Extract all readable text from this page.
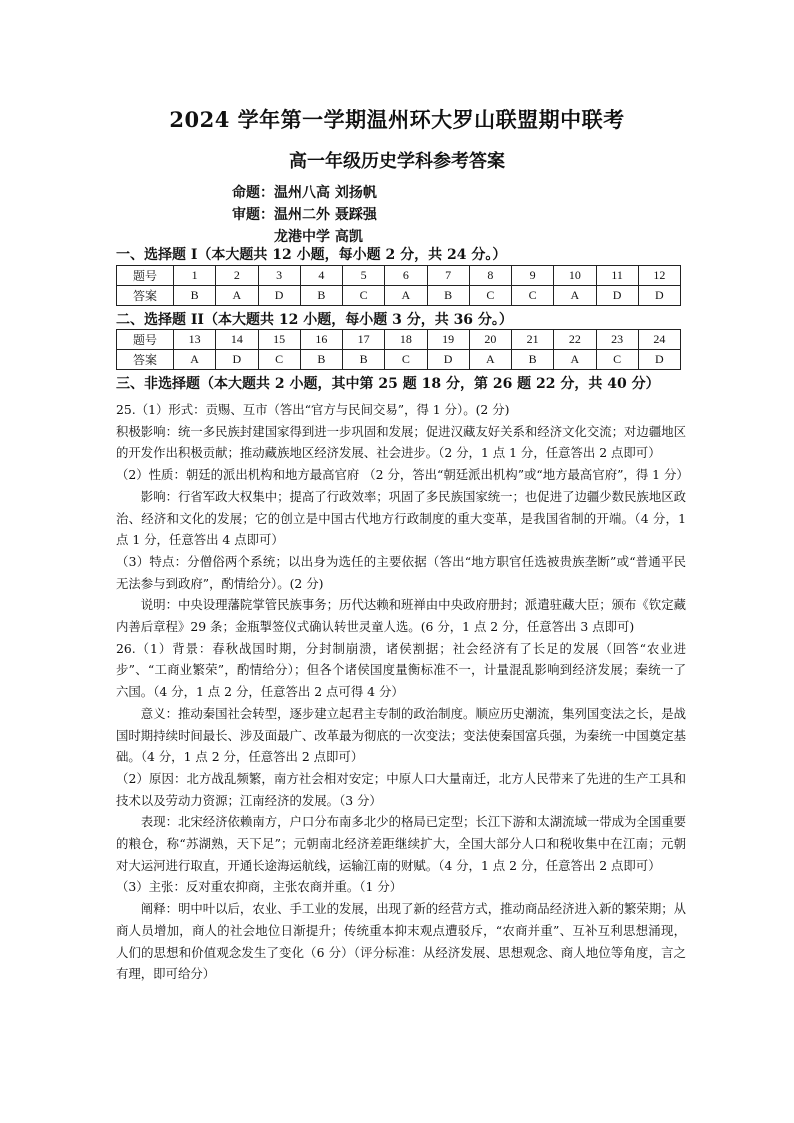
2024 学年第一学期温州环大罗山联盟期中联考
高一年级历史学科参考答案
命题：温州八高 刘扬帆
审题：温州二外 聂踩强
龙港中学 高凯
一、选择题 I（本大题共 12 小题，每小题 2 分，共 24 分。）
题号	1	2	3	4	5	6	7	8	9	10	11	12
答案	B	A	D	B	C	A	B	C	C	A	D	D
二、选择题 II（本大题共 12 小题，每小题 3 分，共 36 分。）
题号	13	14	15	16	17	18	19	20	21	22	23	24
答案	A	D	C	B	B	C	D	A	B	A	C	D
三、非选择题（本大题共 2 小题，其中第 25 题 18 分，第 26 题 22 分，共 40 分）

25.（1）形式：贡赐、互市（答出“官方与民间交易”，得 1 分）。(2 分)

积极影响：统一多民族封建国家得到进一步巩固和发展；促进汉藏友好关系和经济文化交流；对边疆地区的开发作出积极贡献；推动藏族地区经济发展、社会进步。（2 分，1 点 1 分，任意答出 2 点即可）

（2）性质：朝廷的派出机构和地方最高官府 （2 分，答出“朝廷派出机构”或“地方最高官府”，得 1 分）

影响：行省军政大权集中；提高了行政效率；巩固了多民族国家统一；也促进了边疆少数民族地区政治、经济和文化的发展；它的创立是中国古代地方行政制度的重大变革，是我国省制的开端。（4 分，1 点 1 分，任意答出 4 点即可）

（3）特点：分僧俗两个系统；以出身为选任的主要依据（答出“地方职官任选被贵族垄断”或“普通平民无法参与到政府”，酌情给分）。(2 分)

说明：中央设理藩院掌管民族事务；历代达赖和班禅由中央政府册封；派遣驻藏大臣；颁布《钦定藏内善后章程》29 条；金瓶掣签仪式确认转世灵童人选。(6 分，1 点 2 分，任意答出 3 点即可)

26.（1）背景：春秋战国时期，分封制崩溃，诸侯割据；社会经济有了长足的发展（回答“农业进步”、“工商业繁荣”，酌情给分）；但各个诸侯国度量衡标准不一，计量混乱影响到经济发展；秦统一了六国。（4 分，1 点 2 分，任意答出 2 点可得 4 分）

意义：推动秦国社会转型，逐步建立起君主专制的政治制度。顺应历史潮流，集列国变法之长，是战国时期持续时间最长、涉及面最广、改革最为彻底的一次变法；变法使秦国富兵强，为秦统一中国奠定基础。（4 分，1 点 2 分，任意答出 2 点即可）

（2）原因：北方战乱频繁，南方社会相对安定；中原人口大量南迁，北方人民带来了先进的生产工具和技术以及劳动力资源；江南经济的发展。（3 分）

表现：北宋经济依赖南方，户口分布南多北少的格局已定型；长江下游和太湖流域一带成为全国重要的粮仓，称“苏湖熟，天下足”；元朝南北经济差距继续扩大，全国大部分人口和税收集中在江南；元朝对大运河进行取直，开通长途海运航线，运输江南的财赋。（4 分，1 点 2 分，任意答出 2 点即可）

（3）主张：反对重农抑商，主张农商并重。（1 分）

阐释：明中叶以后，农业、手工业的发展，出现了新的经营方式，推动商品经济进入新的繁荣期；从商人员增加，商人的社会地位日渐提升；传统重本抑末观点遭驳斥，“农商并重”、互补互利思想涌现，人们的思想和价值观念发生了变化（6 分）（评分标准：从经济发展、思想观念、商人地位等角度，言之有理，即可给分）
